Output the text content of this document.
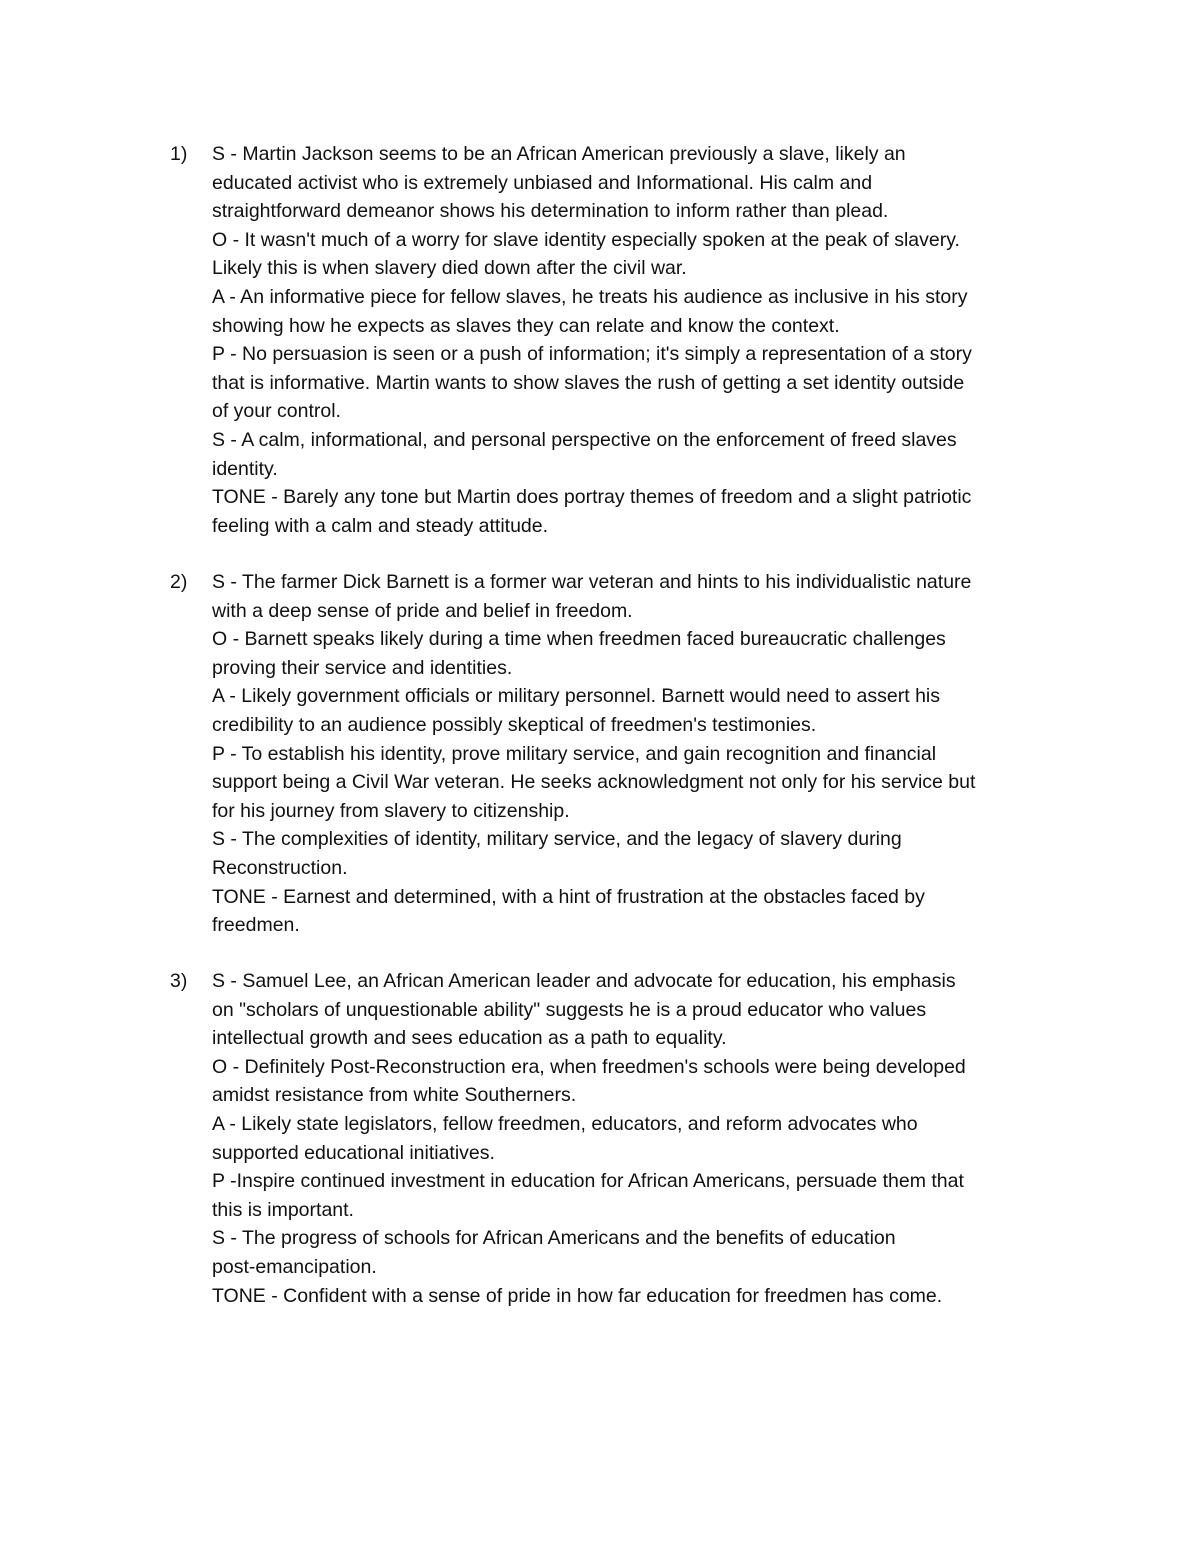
1) S - Martin Jackson seems to be an African American previously a slave, likely an
educated activist who is extremely unbiased and Informational. His calm and
straightforward demeanor shows his determination to inform rather than plead.
O - It wasn't much of a worry for slave identity especially spoken at the peak of slavery.
Likely this is when slavery died down after the civil war.
A - An informative piece for fellow slaves, he treats his audience as inclusive in his story
showing how he expects as slaves they can relate and know the context.
P - No persuasion is seen or a push of information; it's simply a representation of a story
that is informative. Martin wants to show slaves the rush of getting a set identity outside
of your control.
S - A calm, informational, and personal perspective on the enforcement of freed slaves
identity.
TONE - Barely any tone but Martin does portray themes of freedom and a slight patriotic
feeling with a calm and steady attitude.
2) S - The farmer Dick Barnett is a former war veteran and hints to his individualistic nature
with a deep sense of pride and belief in freedom.
O - Barnett speaks likely during a time when freedmen faced bureaucratic challenges
proving their service and identities.
A - Likely government officials or military personnel. Barnett would need to assert his
credibility to an audience possibly skeptical of freedmen's testimonies.
P - To establish his identity, prove military service, and gain recognition and financial
support being a Civil War veteran. He seeks acknowledgment not only for his service but
for his journey from slavery to citizenship.
S - The complexities of identity, military service, and the legacy of slavery during
Reconstruction.
TONE - Earnest and determined, with a hint of frustration at the obstacles faced by
freedmen.
3) S - Samuel Lee, an African American leader and advocate for education, his emphasis
on "scholars of unquestionable ability" suggests he is a proud educator who values
intellectual growth and sees education as a path to equality.
O - Definitely Post-Reconstruction era, when freedmen's schools were being developed
amidst resistance from white Southerners.
A - Likely state legislators, fellow freedmen, educators, and reform advocates who
supported educational initiatives.
P -Inspire continued investment in education for African Americans, persuade them that
this is important.
S - The progress of schools for African Americans and the benefits of education
post-emancipation.
TONE - Confident with a sense of pride in how far education for freedmen has come.
